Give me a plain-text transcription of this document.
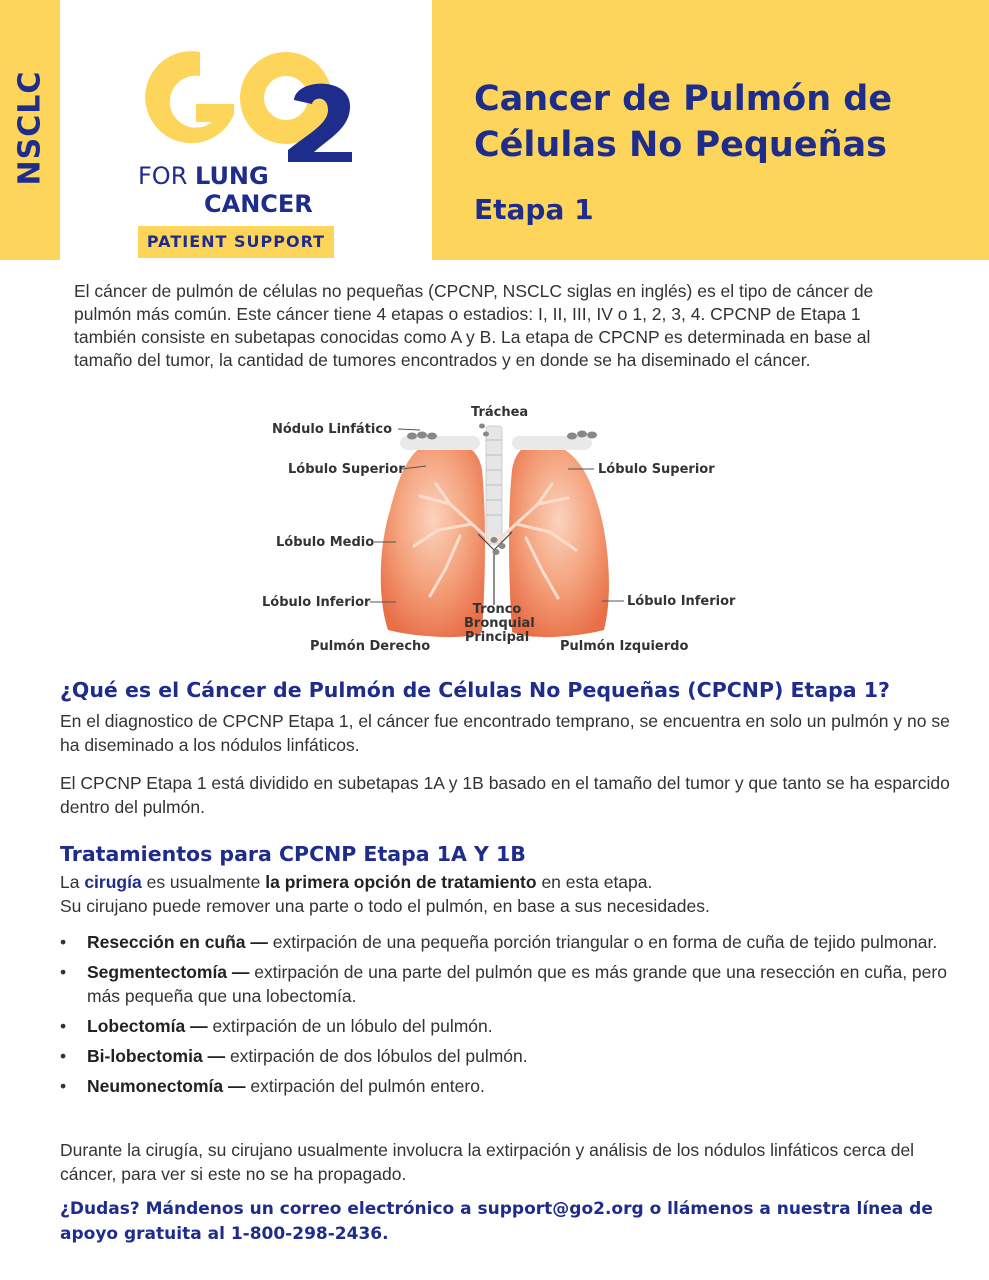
NSCLC	FOR LUNG
CANCER
PATIENT SUPPORT
Cancer de Pulmón de
Células No Pequeñas
Etapa 1
El cáncer de pulmón de células no pequeñas (CPCNP, NSCLC siglas en inglés) es el tipo de cáncer de pulmón más común. Este cáncer tiene 4 etapas o estadios: I, II, III, IV o 1, 2, 3, 4. CPCNP de Etapa 1 también consiste en subetapas conocidas como A y B. La etapa de CPCNP es determinada en base al tamaño del tumor, la cantidad de tumores encontrados y en donde se ha diseminado el cáncer.
Tráchea
Nódulo Linfático
Lóbulo Superior	Lóbulo Superior
Lóbulo Medio
Lóbulo Inferior	Lóbulo Inferior
Tronco
Bronquial
Principal
Pulmón Derecho	Pulmón Izquierdo
¿Qué es el Cáncer de Pulmón de Células No Pequeñas (CPCNP) Etapa 1?
En el diagnostico de CPCNP Etapa 1, el cáncer fue encontrado temprano, se encuentra en solo un pulmón y no se ha diseminado a los nódulos linfáticos.
El CPCNP Etapa 1 está dividido en subetapas 1A y 1B basado en el tamaño del tumor y que tanto se ha esparcido dentro del pulmón.
Tratamientos para CPCNP Etapa 1A Y 1B
La cirugía es usualmente la primera opción de tratamiento en esta etapa.
Su cirujano puede remover una parte o todo el pulmón, en base a sus necesidades.
• Resección en cuña — extirpación de una pequeña porción triangular o en forma de cuña de tejido pulmonar.
• Segmentectomía — extirpación de una parte del pulmón que es más grande que una resección en cuña, pero más pequeña que una lobectomía.
• Lobectomía — extirpación de un lóbulo del pulmón.
• Bi-lobectomia — extirpación de dos lóbulos del pulmón.
• Neumonectomía — extirpación del pulmón entero.
Durante la cirugía, su cirujano usualmente involucra la extirpación y análisis de los nódulos linfáticos cerca del cáncer, para ver si este no se ha propagado.
¿Dudas? Mándenos un correo electrónico a support@go2.org o llámenos a nuestra línea de apoyo gratuita al 1-800-298-2436.
